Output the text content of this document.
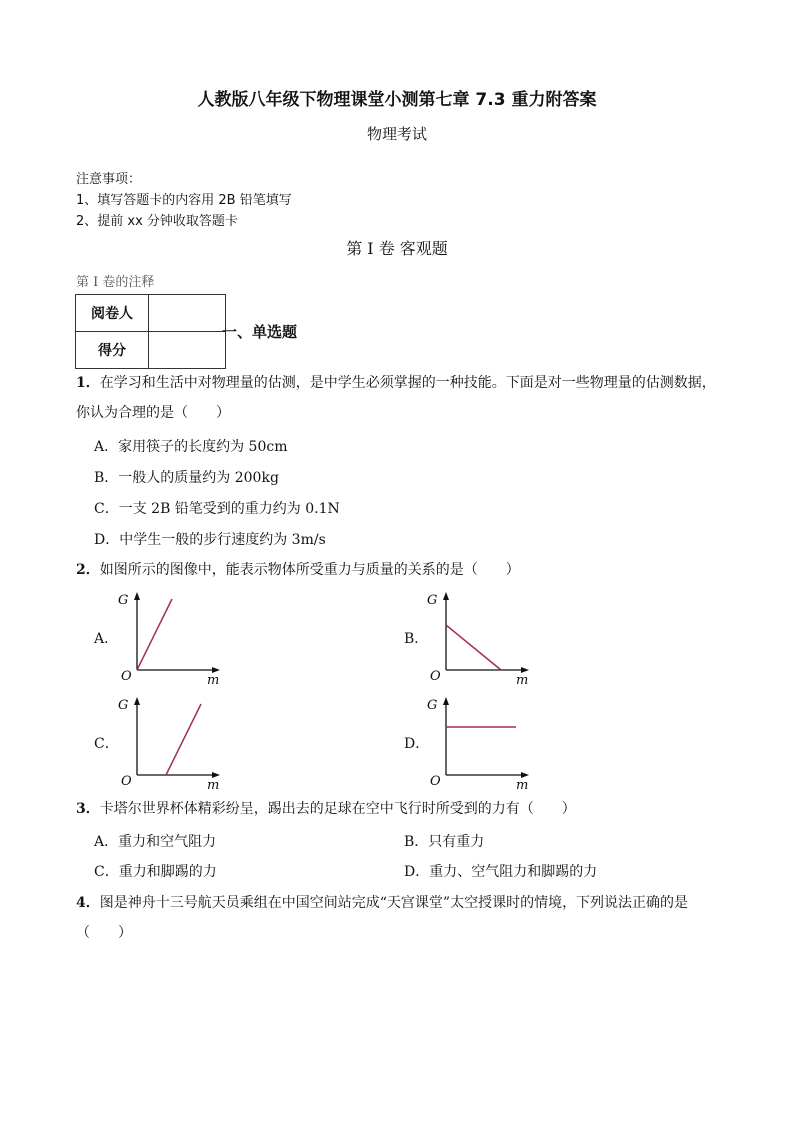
人教版八年级下物理课堂小测第七章 7.3 重力附答案
物理考试
注意事项：
1、填写答题卡的内容用 2B 铅笔填写
2、提前 xx 分钟收取答题卡
第 I 卷 客观题
第 I 卷的注释
阅卷人	
得分	
一、单选题
1．在学习和生活中对物理量的估测，是中学生必须掌握的一种技能。下面是对一些物理量的估测数据，你认为合理的是（　　）
A．家用筷子的长度约为 50cm
B．一般人的质量约为 200kg
C．一支 2B 铅笔受到的重力约为 0.1N
D．中学生一般的步行速度约为 3m/s
2．如图所示的图像中，能表示物体所受重力与质量的关系的是（　　）
A．
G
O	m
B．
G
O	m
C．
G
O	m
D．
G
O	m
3．卡塔尔世界杯体精彩纷呈，踢出去的足球在空中飞行时所受到的力有（　　）
A．重力和空气阻力	B．只有重力
C．重力和脚踢的力	D．重力、空气阻力和脚踢的力
4．图是神舟十三号航天员乘组在中国空间站完成“天宫课堂”太空授课时的情境，下列说法正确的是（　　）
